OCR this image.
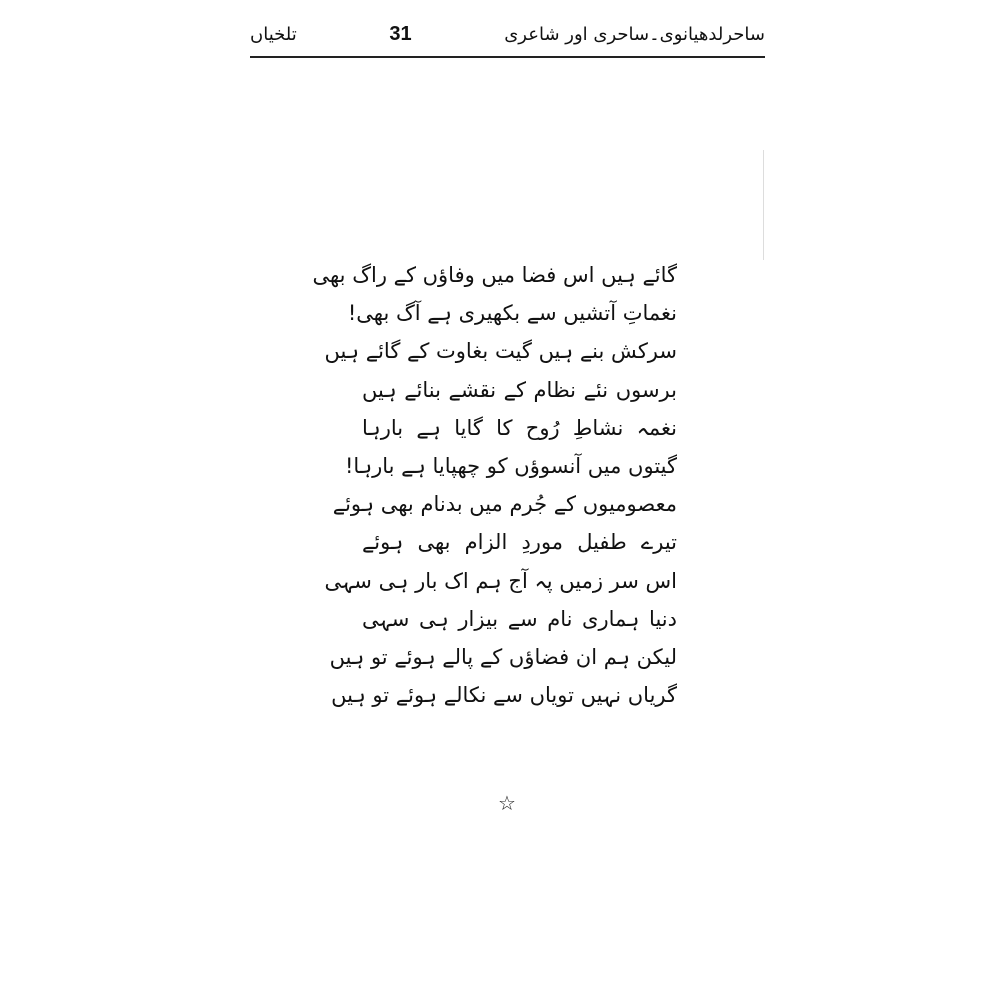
تلخیاں	31	ساحرلدھیانوی۔ساحری اور شاعری
گائے ہیں اس فضا میں وفاؤں کے راگ بھی
نغماتِ آتشیں سے بکھیری ہے آگ بھی!
سرکش بنے ہیں گیت بغاوت کے گائے ہیں
برسوں نئے نظام کے نقشے بنائے ہیں
نغمہ نشاطِ رُوح کا گایا ہے بارہا
گیتوں میں آنسوؤں کو چھپایا ہے بارہا!
معصومیوں کے جُرم میں بدنام بھی ہوئے
تیرے طفیل موردِ الزام بھی ہوئے
اس سر زمیں پہ آج ہم اک بار ہی سہی
دنیا ہماری نام سے بیزار ہی سہی
لیکن ہم ان فضاؤں کے پالے ہوئے تو ہیں
گریاں نہیں تویاں سے نکالے ہوئے تو ہیں
☆
